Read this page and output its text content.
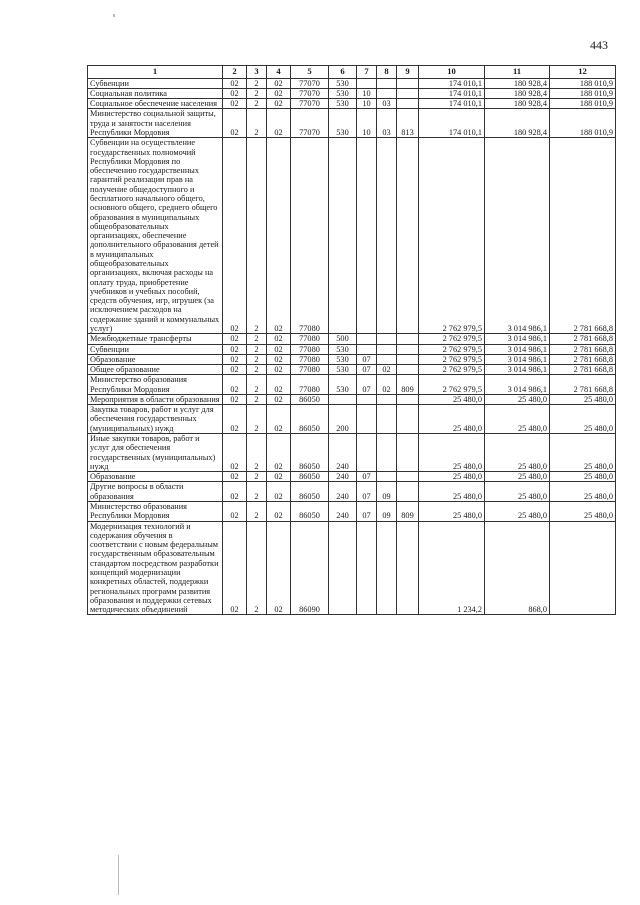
443
1	2	3	4	5	6	7	8	9	10	11	12
Субвенции	02	2	02	77070	530				174 010,1	180 928,4	188 010,9
Социальная политика	02	2	02	77070	530	10			174 010,1	180 928,4	188 010,9
Социальное обеспечение населения	02	2	02	77070	530	10	03		174 010,1	180 928,4	188 010,9
Министерство социальной защиты, труда и занятости населения Республики Мордовия	02	2	02	77070	530	10	03	813	174 010,1	180 928,4	188 010,9
Субвенции на осуществление государственных полномочий Республики Мордовия по обеспечению государственных гарантий реализации прав на получение общедоступного и бесплатного начального общего, основного общего, среднего общего образования в муниципальных общеобразовательных организациях, обеспечение дополнительного образования детей в муниципальных общеобразовательных организациях, включая расходы на оплату труда, приобретение учебников и учебных пособий, средств обучения, игр, игрушек (за исключением расходов на содержание зданий и коммунальных услуг)	02	2	02	77080					2 762 979,5	3 014 986,1	2 781 668,8
Межбюджетные трансферты	02	2	02	77080	500				2 762 979,5	3 014 986,1	2 781 668,8
Субвенции	02	2	02	77080	530				2 762 979,5	3 014 986,1	2 781 668,8
Образование	02	2	02	77080	530	07			2 762 979,5	3 014 986,1	2 781 668,8
Общее образование	02	2	02	77080	530	07	02		2 762 979,5	3 014 986,1	2 781 668,8
Министерство образования Республики Мордовия	02	2	02	77080	530	07	02	809	2 762 979,5	3 014 986,1	2 781 668,8
Мероприятия в области образования	02	2	02	86050					25 480,0	25 480,0	25 480,0
Закупка товаров, работ и услуг для обеспечения государственных (муниципальных) нужд	02	2	02	86050	200				25 480,0	25 480,0	25 480,0
Иные закупки товаров, работ и услуг для обеспечения государственных (муниципальных) нужд	02	2	02	86050	240				25 480,0	25 480,0	25 480,0
Образование	02	2	02	86050	240	07			25 480,0	25 480,0	25 480,0
Другие вопросы в области образования	02	2	02	86050	240	07	09		25 480,0	25 480,0	25 480,0
Министерство образования Республики Мордовия	02	2	02	86050	240	07	09	809	25 480,0	25 480,0	25 480,0
Модернизация технологий и содержания обучения в соответствии с новым федеральным государственным образовательным стандартом посредством разработки концепций модернизации конкретных областей, поддержки региональных программ развития образования и поддержки сетевых методических объединений	02	2	02	86090					1 234,2	868,0	
